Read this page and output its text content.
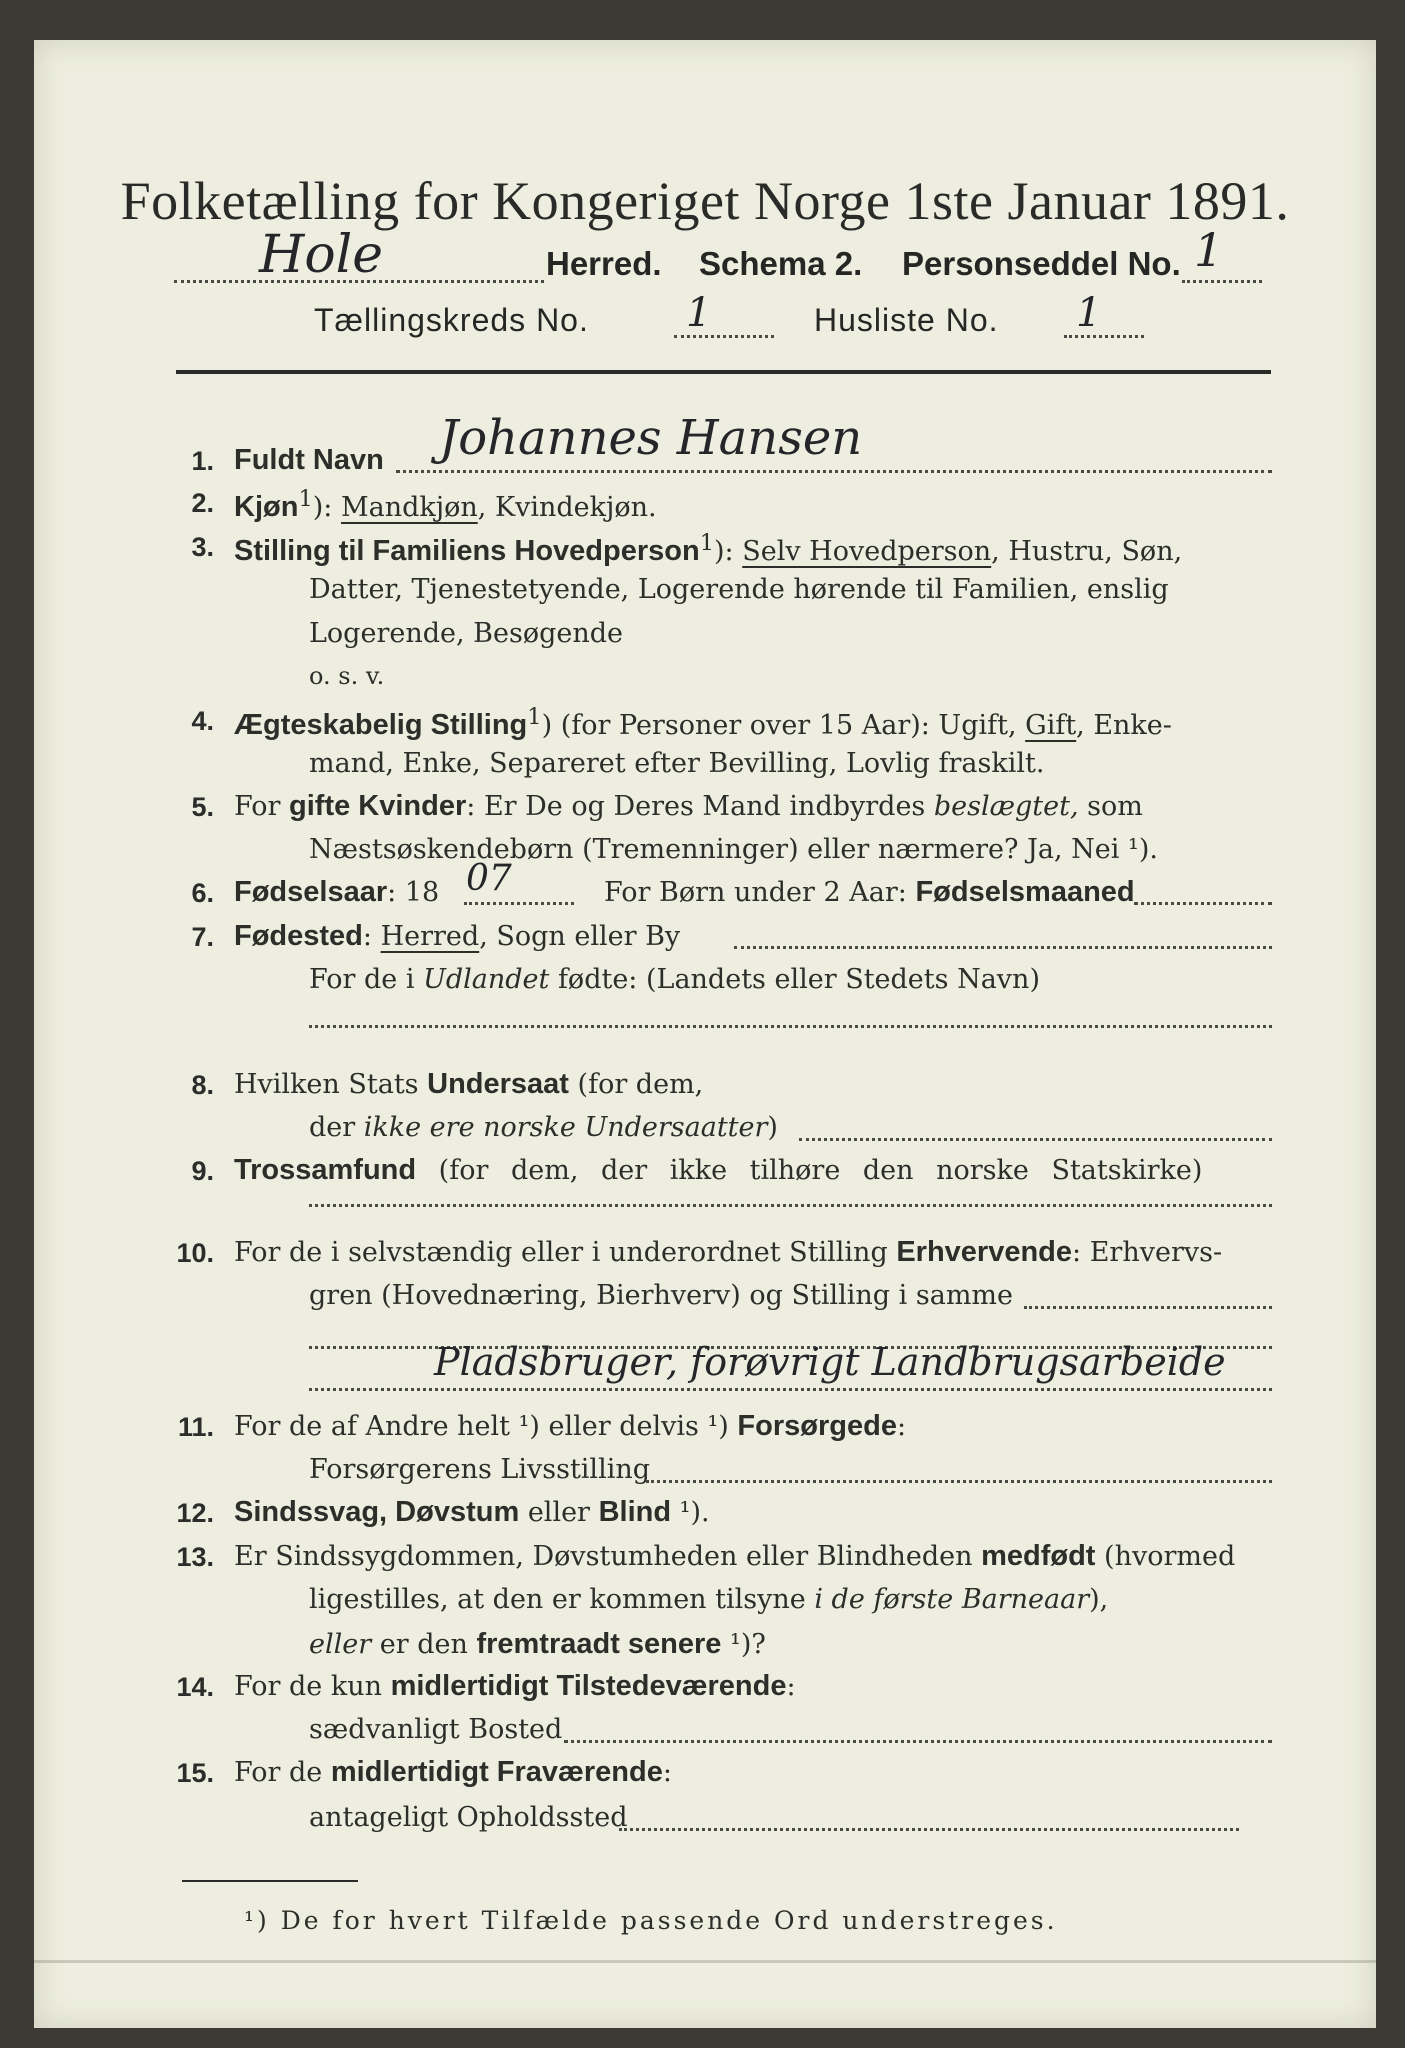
Folketælling for Kongeriget Norge 1ste Januar 1891.
Hole	Herred. Schema 2. Personseddel No. 1
Tællingskreds No. 1	Husliste No. 1
1. Fuldt Navn Johannes Hansen
2. Kjøn$^1$): Mandkjøn, Kvindekjøn.
3. Stilling til Familiens Hovedperson$^1$): Selv Hovedperson, Hustru, Søn,
Datter, Tjenestetyende, Logerende hørende til Familien, enslig
Logerende, Besøgende
o. s. v.
4. Ægteskabelig Stilling$^1$) (for Personer over 15 Aar): Ugift, Gift, Enke-
mand, Enke, Separeret efter Bevilling, Lovlig fraskilt.
5. For gifte Kvinder: Er De og Deres Mand indbyrdes beslægtet, som
Næstsøskendebørn (Tremenninger) eller nærmere? Ja, Nei ¹).
6. Fødselsaar: 18 07	For Børn under 2 Aar: Fødselsmaaned
7. Fødested: Herred, Sogn eller By
For de i Udlandet fødte: (Landets eller Stedets Navn)
8. Hvilken Stats Undersaat (for dem,
der ikke ere norske Undersaatter)
9. Trossamfund (for dem, der ikke tilhøre den norske Statskirke)
10. For de i selvstændig eller i underordnet Stilling Erhvervende: Erhvervs-
gren (Hovednæring, Bierhverv) og Stilling i samme
Pladsbruger, forøvrigt Landbrugsarbeide
11. For de af Andre helt ¹) eller delvis ¹) Forsørgede:
Forsørgerens Livsstilling
12. Sindssvag, Døvstum eller Blind ¹).
13. Er Sindssygdommen, Døvstumheden eller Blindheden medfødt (hvormed
ligestilles, at den er kommen tilsyne i de første Barneaar),
eller er den fremtraadt senere ¹)?
14. For de kun midlertidigt Tilstedeværende:
sædvanligt Bosted
15. For de midlertidigt Fraværende:
antageligt Opholdssted
¹) De for hvert Tilfælde passende Ord understreges.
